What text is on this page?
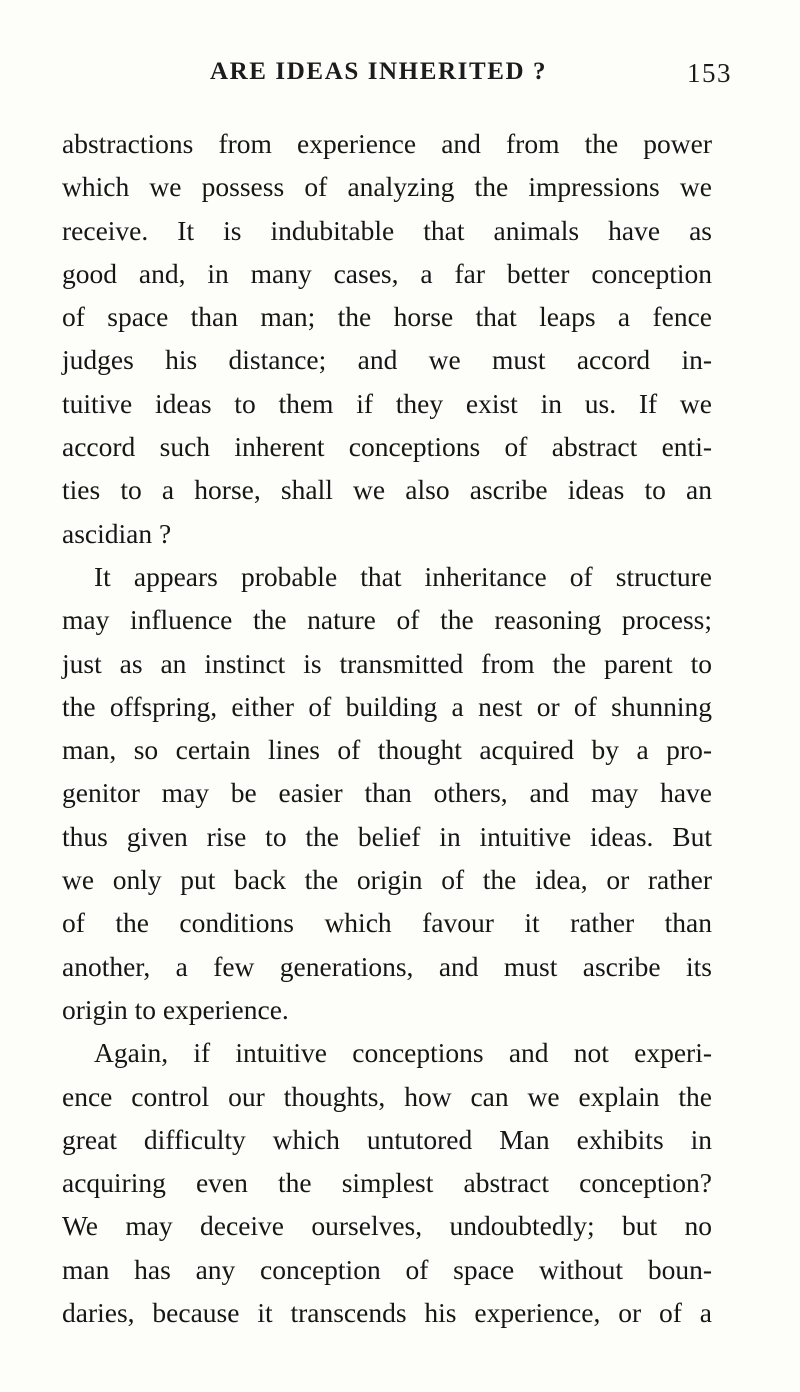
ARE IDEAS INHERITED ?	153
abstractions from experience and from the power
which we possess of analyzing the impressions we
receive. It is indubitable that animals have as
good and, in many cases, a far better conception
of space than man; the horse that leaps a fence
judges his distance; and we must accord in-
tuitive ideas to them if they exist in us. If we
accord such inherent conceptions of abstract enti-
ties to a horse, shall we also ascribe ideas to an
ascidian ?
It appears probable that inheritance of structure
may influence the nature of the reasoning process;
just as an instinct is transmitted from the parent to
the offspring, either of building a nest or of shunning
man, so certain lines of thought acquired by a pro-
genitor may be easier than others, and may have
thus given rise to the belief in intuitive ideas. But
we only put back the origin of the idea, or rather
of the conditions which favour it rather than
another, a few generations, and must ascribe its
origin to experience.
Again, if intuitive conceptions and not experi-
ence control our thoughts, how can we explain the
great difficulty which untutored Man exhibits in
acquiring even the simplest abstract conception?
We may deceive ourselves, undoubtedly; but no
man has any conception of space without boun-
daries, because it transcends his experience, or of a
